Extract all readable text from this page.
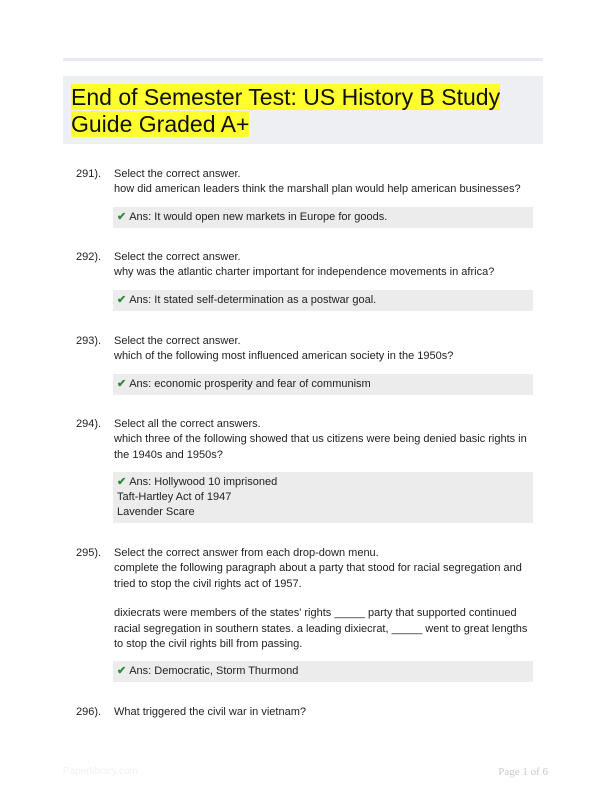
End of Semester Test: US History B Study Guide Graded A+
291). Select the correct answer.

how did american leaders think the marshall plan would help american businesses?

✔ Ans: It would open new markets in Europe for goods.
292). Select the correct answer.

why was the atlantic charter important for independence movements in africa?

✔ Ans: It stated self-determination as a postwar goal.
293). Select the correct answer.

which of the following most influenced american society in the 1950s?

✔ Ans: economic prosperity and fear of communism
294). Select all the correct answers.

which three of the following showed that us citizens were being denied basic rights in the 1940s and 1950s?

✔ Ans: Hollywood 10 imprisoned
Taft-Hartley Act of 1947
Lavender Scare
295). Select the correct answer from each drop-down menu.

complete the following paragraph about a party that stood for racial segregation and tried to stop the civil rights act of 1957.

dixiecrats were members of the states' rights _____ party that supported continued racial segregation in southern states. a leading dixiecrat, _____ went to great lengths to stop the civil rights bill from passing.

✔ Ans: Democratic, Storm Thurmond
296). What triggered the civil war in vietnam?

Paperlibrary.com	Page 1 of 6
